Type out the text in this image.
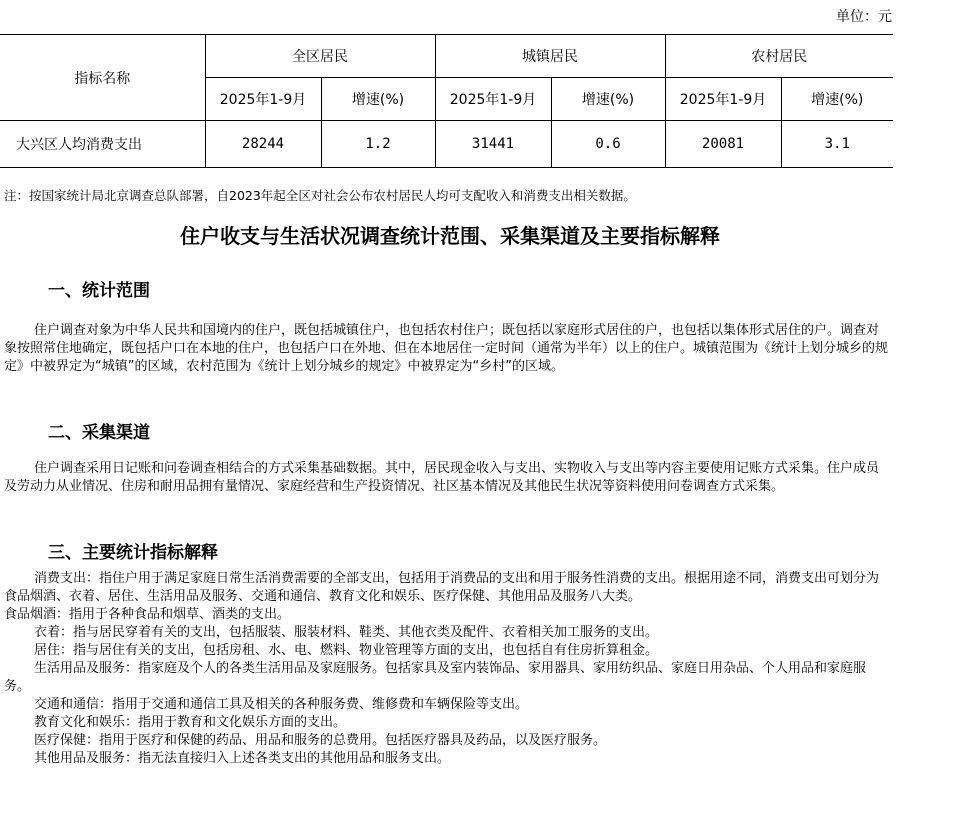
单位：元
指标名称	全区居民		城镇居民		农村居民	
	2025年1-9月	增速(%)	2025年1-9月	增速(%)	2025年1-9月	增速(%)
大兴区人均消费支出	28244	1.2	31441	0.6	20081	3.1
注：按国家统计局北京调查总队部署，自2023年起全区对社会公布农村居民人均可支配收入和消费支出相关数据。
住户收支与生活状况调查统计范围、采集渠道及主要指标解释
一、统计范围

住户调查对象为中华人民共和国境内的住户，既包括城镇住户，也包括农村住户；既包括以家庭形式居住的户，也包括以集体形式居住的户。调查对象按照常住地确定，既包括户口在本地的住户，也包括户口在外地、但在本地居住一定时间（通常为半年）以上的住户。城镇范围为《统计上划分城乡的规定》中被界定为“城镇”的区域，农村范围为《统计上划分城乡的规定》中被界定为“乡村”的区域。

二、采集渠道

住户调查采用日记账和问卷调查相结合的方式采集基础数据。其中，居民现金收入与支出、实物收入与支出等内容主要使用记账方式采集。住户成员及劳动力从业情况、住房和耐用品拥有量情况、家庭经营和生产投资情况、社区基本情况及其他民生状况等资料使用问卷调查方式采集。

三、主要统计指标解释

消费支出：指住户用于满足家庭日常生活消费需要的全部支出，包括用于消费品的支出和用于服务性消费的支出。根据用途不同，消费支出可划分为食品烟酒、衣着、居住、生活用品及服务、交通和通信、教育文化和娱乐、医疗保健、其他用品及服务八大类。

食品烟酒：指用于各种食品和烟草、酒类的支出。

衣着：指与居民穿着有关的支出，包括服装、服装材料、鞋类、其他衣类及配件、衣着相关加工服务的支出。

居住：指与居住有关的支出，包括房租、水、电、燃料、物业管理等方面的支出，也包括自有住房折算租金。

生活用品及服务：指家庭及个人的各类生活用品及家庭服务。包括家具及室内装饰品、家用器具、家用纺织品、家庭日用杂品、个人用品和家庭服务。

交通和通信：指用于交通和通信工具及相关的各种服务费、维修费和车辆保险等支出。

教育文化和娱乐：指用于教育和文化娱乐方面的支出。

医疗保健：指用于医疗和保健的药品、用品和服务的总费用。包括医疗器具及药品，以及医疗服务。

其他用品及服务：指无法直接归入上述各类支出的其他用品和服务支出。
